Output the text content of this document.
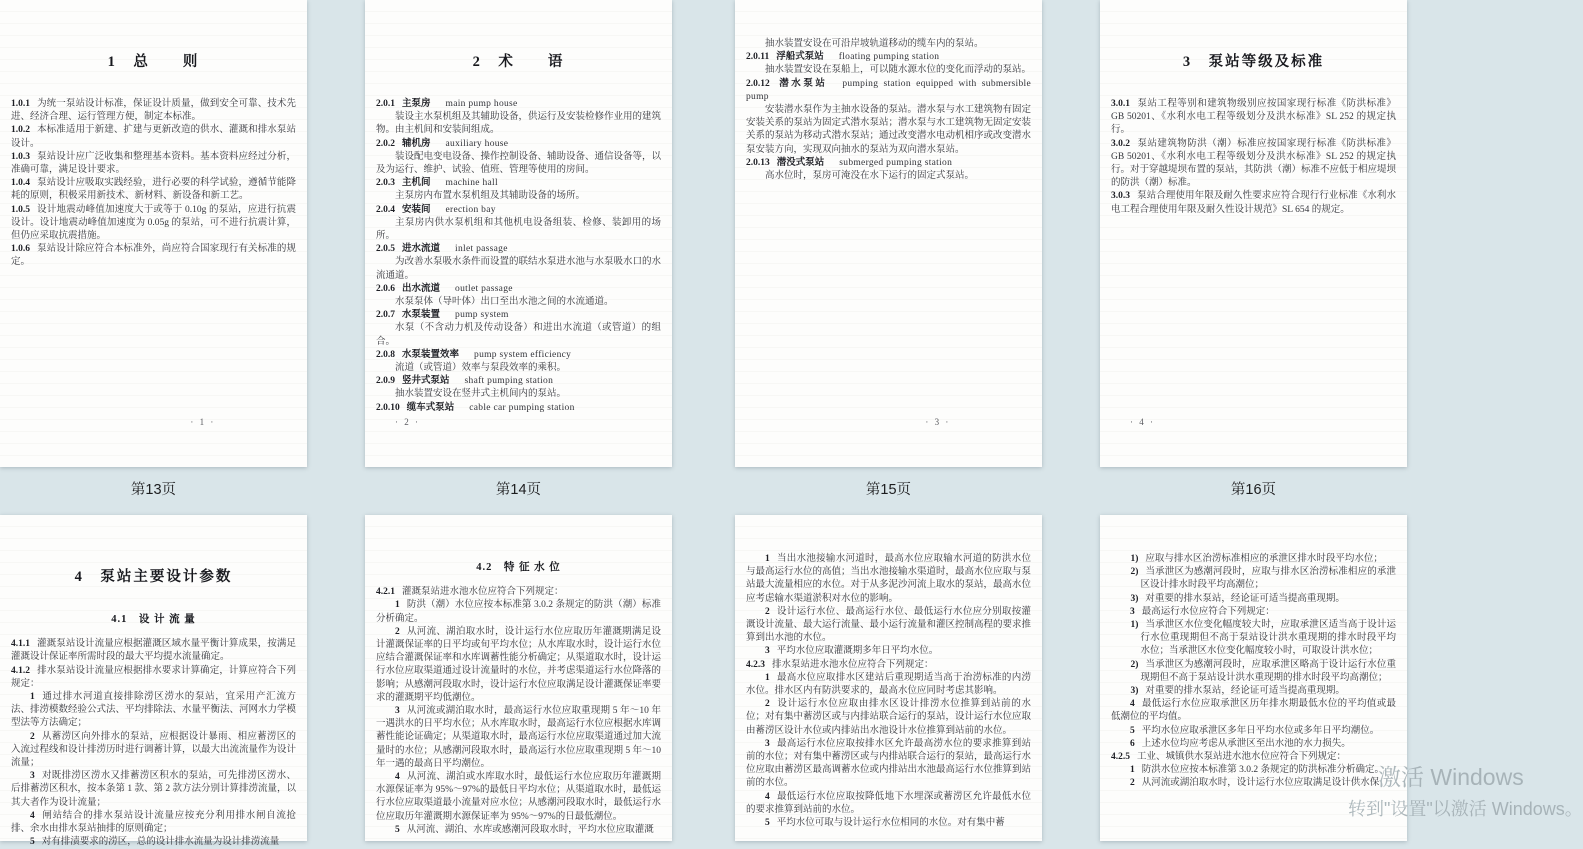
1　总　　则

1.0.1 为统一泵站设计标准，保证设计质量，做到安全可靠、技术先进、经济合理、运行管理方便，制定本标准。

1.0.2 本标准适用于新建、扩建与更新改造的供水、灌溉和排水泵站设计。

1.0.3 泵站设计应广泛收集和整理基本资料。基本资料应经过分析，准确可靠，满足设计要求。

1.0.4 泵站设计应吸取实践经验，进行必要的科学试验，遵循节能降耗的原则，积极采用新技术、新材料、新设备和新工艺。

1.0.5 设计地震动峰值加速度大于或等于 0.10g 的泵站，应进行抗震设计。设计地震动峰值加速度为 0.05g 的泵站，可不进行抗震计算，但仍应采取抗震措施。

1.0.6 泵站设计除应符合本标准外，尚应符合国家现行有关标准的规定。

· 1 ·

2　术　　语

2.0.1 主泵房 main pump house

装设主水泵机组及其辅助设备，供运行及安装检修作业用的建筑物。由主机间和安装间组成。

2.0.2 辅机房 auxiliary house

装设配电变电设备、操作控制设备、辅助设备、通信设备等，以及为运行、维护、试验、值班、管理等使用的房间。

2.0.3 主机间 machine hall

主泵房内布置水泵机组及其辅助设备的场所。

2.0.4 安装间 erection bay

主泵房内供水泵机组和其他机电设备组装、检修、装卸用的场所。

2.0.5 进水流道 inlet passage

为改善水泵吸水条件而设置的联结水泵进水池与水泵吸水口的水流通道。

2.0.6 出水流道 outlet passage

水泵泵体（导叶体）出口至出水池之间的水流通道。

2.0.7 水泵装置 pump system

水泵（不含动力机及传动设备）和进出水流道（或管道）的组合。

2.0.8 水泵装置效率 pump system efficiency

流道（或管道）效率与泵段效率的乘积。

2.0.9 竖井式泵站 shaft pumping station

抽水装置安设在竖井式主机间内的泵站。

2.0.10 缆车式泵站 cable car pumping station

· 2 ·

抽水装置安设在可沿岸坡轨道移动的缆车内的泵站。

2.0.11 浮船式泵站 floating pumping station

抽水装置安设在泵船上，可以随水源水位的变化而浮动的泵站。

2.0.12 潜水泵站 pumping station equipped with submersible pump

安装潜水泵作为主抽水设备的泵站。潜水泵与水工建筑物有固定安装关系的泵站为固定式潜水泵站；潜水泵与水工建筑物无固定安装关系的泵站为移动式潜水泵站；通过改变潜水电动机相序或改变潜水泵安装方向，实现双向抽水的泵站为双向潜水泵站。

2.0.13 潜没式泵站 submerged pumping station

高水位时，泵房可淹没在水下运行的固定式泵站。

· 3 ·

3　泵站等级及标准

3.0.1 泵站工程等别和建筑物级别应按国家现行标准《防洪标准》GB 50201、《水利水电工程等级划分及洪水标准》SL 252 的规定执行。

3.0.2 泵站建筑物防洪（潮）标准应按国家现行标准《防洪标准》GB 50201、《水利水电工程等级划分及洪水标准》SL 252 的规定执行。对于穿越堤坝布置的泵站，其防洪（潮）标准不应低于相应堤坝的防洪（潮）标准。

3.0.3 泵站合理使用年限及耐久性要求应符合现行行业标准《水利水电工程合理使用年限及耐久性设计规范》SL 654 的规定。

· 4 ·

第13页	第14页	第15页	第16页

4　泵站主要设计参数

4.1　设 计 流 量

4.1.1 灌溉泵站设计流量应根据灌溉区域水量平衡计算成果，按满足灌溉设计保证率所需时段的最大平均提水流量确定。

4.1.2 排水泵站设计流量应根据排水要求计算确定，计算应符合下列规定：

1 通过排水河道直接排除涝区涝水的泵站，宜采用产汇流方法、排涝模数经验公式法、平均排除法、水量平衡法、河网水力学模型法等方法确定；

2 从蓄涝区向外排水的泵站，应根据设计暴雨、相应蓄涝区的入流过程线和设计排涝历时进行调蓄计算，以最大出流流量作为设计流量；

3 对既排涝区涝水又排蓄涝区积水的泵站，可先排涝区涝水、后排蓄涝区积水，按本条第 1 款、第 2 款方法分别计算排涝流量，以其大者作为设计流量；

4 闸站结合的排水泵站设计流量应按充分利用排水闸自流抢排、余水由排水泵站抽排的原则确定；

5 对有排渍要求的涝区，总的设计排水流量为设计排涝流量

4.2　特 征 水 位

4.2.1 灌溉泵站进水池水位应符合下列规定：

1 防洪（潮）水位应按本标准第 3.0.2 条规定的防洪（潮）标准分析确定。

2 从河流、湖泊取水时，设计运行水位应取历年灌溉期满足设计灌溉保证率的日平均或旬平均水位；从水库取水时，设计运行水位应结合灌溉保证率和水库调蓄性能分析确定；从渠道取水时，设计运行水位应取渠道通过设计流量时的水位，并考虑渠道运行水位降落的影响；从感潮河段取水时，设计运行水位应取满足设计灌溉保证率要求的灌溉期平均低潮位。

3 从河流或湖泊取水时，最高运行水位应取重现期 5 年～10 年一遇洪水的日平均水位；从水库取水时，最高运行水位应根据水库调蓄性能论证确定；从渠道取水时，最高运行水位应取渠道通过加大流量时的水位；从感潮河段取水时，最高运行水位应取重现期 5 年～10 年一遇的最高日平均潮位。

4 从河流、湖泊或水库取水时，最低运行水位应取历年灌溉期水源保证率为 95%～97%的最低日平均水位；从渠道取水时，最低运行水位应取渠道最小流量对应水位；从感潮河段取水时，最低运行水位应取历年灌溉期水源保证率为 95%～97%的日最低潮位。

5 从河流、湖泊、水库或感潮河段取水时，平均水位应取灌溉

1 当出水池接输水河道时，最高水位应取输水河道的防洪水位与最高运行水位的高值；当出水池接输水渠道时，最高水位应取与泵站最大流量相应的水位。对于从多泥沙河流上取水的泵站，最高水位应考虑输水渠道淤积对水位的影响。

2 设计运行水位、最高运行水位、最低运行水位应分别取按灌溉设计流量、最大运行流量、最小运行流量和灌区控制高程的要求推算到出水池的水位。

3 平均水位应取灌溉期多年日平均水位。

4.2.3 排水泵站进水池水位应符合下列规定：

1 最高水位应取排水区建站后重现期适当高于治涝标准的内涝水位。排水区内有防洪要求的，最高水位应同时考虑其影响。

2 设计运行水位应取由排水区设计排涝水位推算到站前的水位；对有集中蓄涝区或与内排站联合运行的泵站，设计运行水位应取由蓄涝区设计水位或内排站出水池设计水位推算到站前的水位。

3 最高运行水位应取按排水区允许最高涝水位的要求推算到站前的水位；对有集中蓄涝区或与内排站联合运行的泵站，最高运行水位应取由蓄涝区最高调蓄水位或内排站出水池最高运行水位推算到站前的水位。

4 最低运行水位应取按降低地下水埋深或蓄涝区允许最低水位的要求推算到站前的水位。

5 平均水位可取与设计运行水位相同的水位。对有集中蓄

1) 应取与排水区治涝标准相应的承泄区排水时段平均水位；

2) 当承泄区为感潮河段时，应取与排水区治涝标准相应的承泄区设计排水时段平均高潮位；

3) 对重要的排水泵站，经论证可适当提高重现期。

3 最高运行水位应符合下列规定：

1) 当承泄区水位变化幅度较大时，应取承泄区适当高于设计运行水位重现期但不高于泵站设计洪水重现期的排水时段平均水位；当承泄区水位变化幅度较小时，可取设计洪水位；

2) 当承泄区为感潮河段时，应取承泄区略高于设计运行水位重现期但不高于泵站设计洪水重现期的排水时段平均高潮位；

3) 对重要的排水泵站，经论证可适当提高重现期。

4 最低运行水位应取承泄区历年排水期最低水位的平均值或最低潮位的平均值。

5 平均水位应取承泄区多年日平均水位或多年日平均潮位。

6 上述水位均应考虑从承泄区至出水池的水力损失。

4.2.5 工业、城镇供水泵站进水池水位应符合下列规定：

1 防洪水位应按本标准第 3.0.2 条规定的防洪标准分析确定。

2 从河流或湖泊取水时，设计运行水位应取满足设计供水保

激活 Windows
转到"设置"以激活 Windows。
